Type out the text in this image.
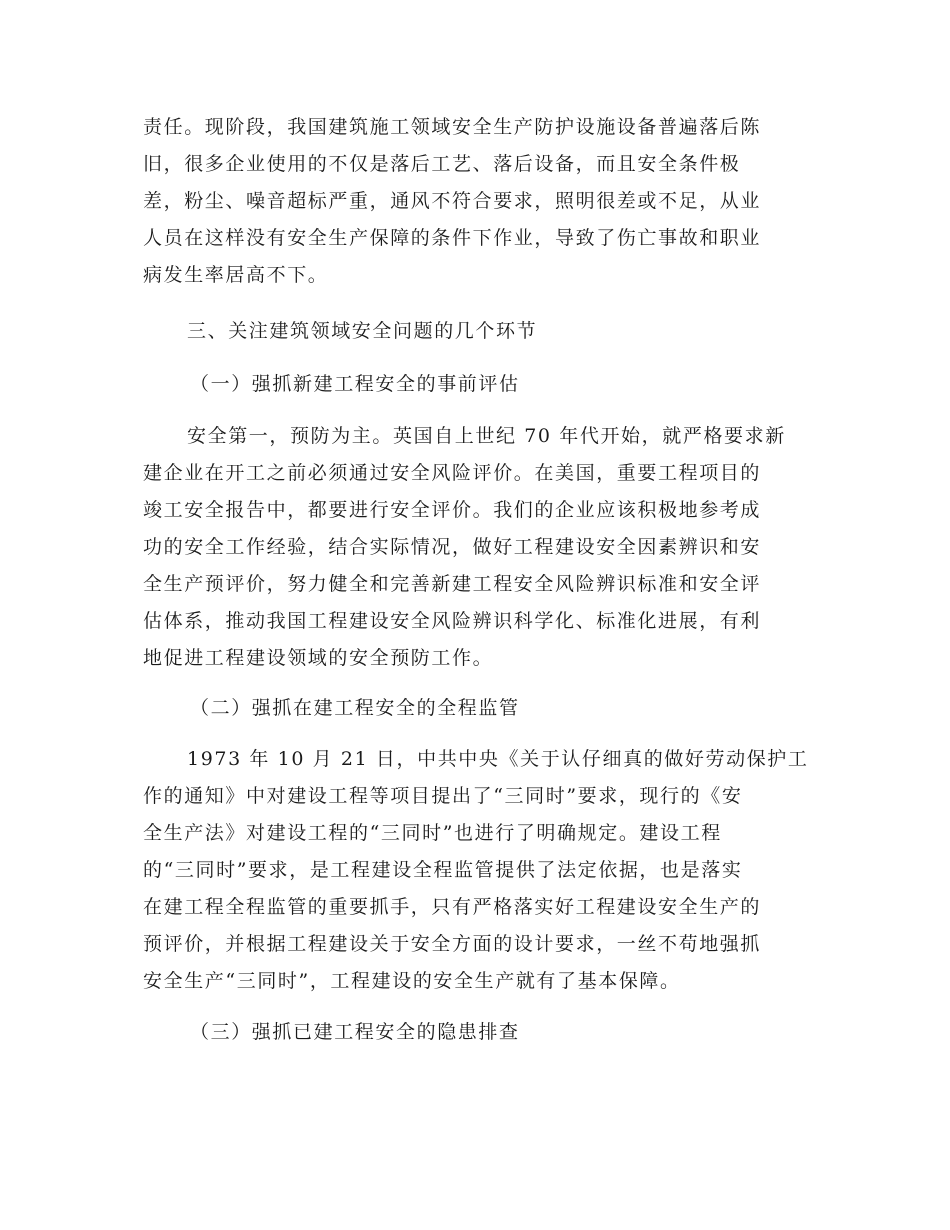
责任。现阶段，我国建筑施工领域安全生产防护设施设备普遍落后陈
旧，很多企业使用的不仅是落后工艺、落后设备，而且安全条件极
差，粉尘、噪音超标严重，通风不符合要求，照明很差或不足，从业
人员在这样没有安全生产保障的条件下作业，导致了伤亡事故和职业
病发生率居高不下。
三、关注建筑领域安全问题的几个环节
（一）强抓新建工程安全的事前评估
安全第一，预防为主。英国自上世纪 70 年代开始，就严格要求新
建企业在开工之前必须通过安全风险评价。在美国，重要工程项目的
竣工安全报告中，都要进行安全评价。我们的企业应该积极地参考成
功的安全工作经验，结合实际情况，做好工程建设安全因素辨识和安
全生产预评价，努力健全和完善新建工程安全风险辨识标准和安全评
估体系，推动我国工程建设安全风险辨识科学化、标准化进展，有利
地促进工程建设领域的安全预防工作。
（二）强抓在建工程安全的全程监管
1973 年 10 月 21 日，中共中央《关于认仔细真的做好劳动保护工
作的通知》中对建设工程等项目提出了“三同时”要求，现行的《安
全生产法》对建设工程的“三同时”也进行了明确规定。建设工程
的“三同时”要求，是工程建设全程监管提供了法定依据，也是落实
在建工程全程监管的重要抓手，只有严格落实好工程建设安全生产的
预评价，并根据工程建设关于安全方面的设计要求，一丝不苟地强抓
安全生产“三同时”，工程建设的安全生产就有了基本保障。
（三）强抓已建工程安全的隐患排查
